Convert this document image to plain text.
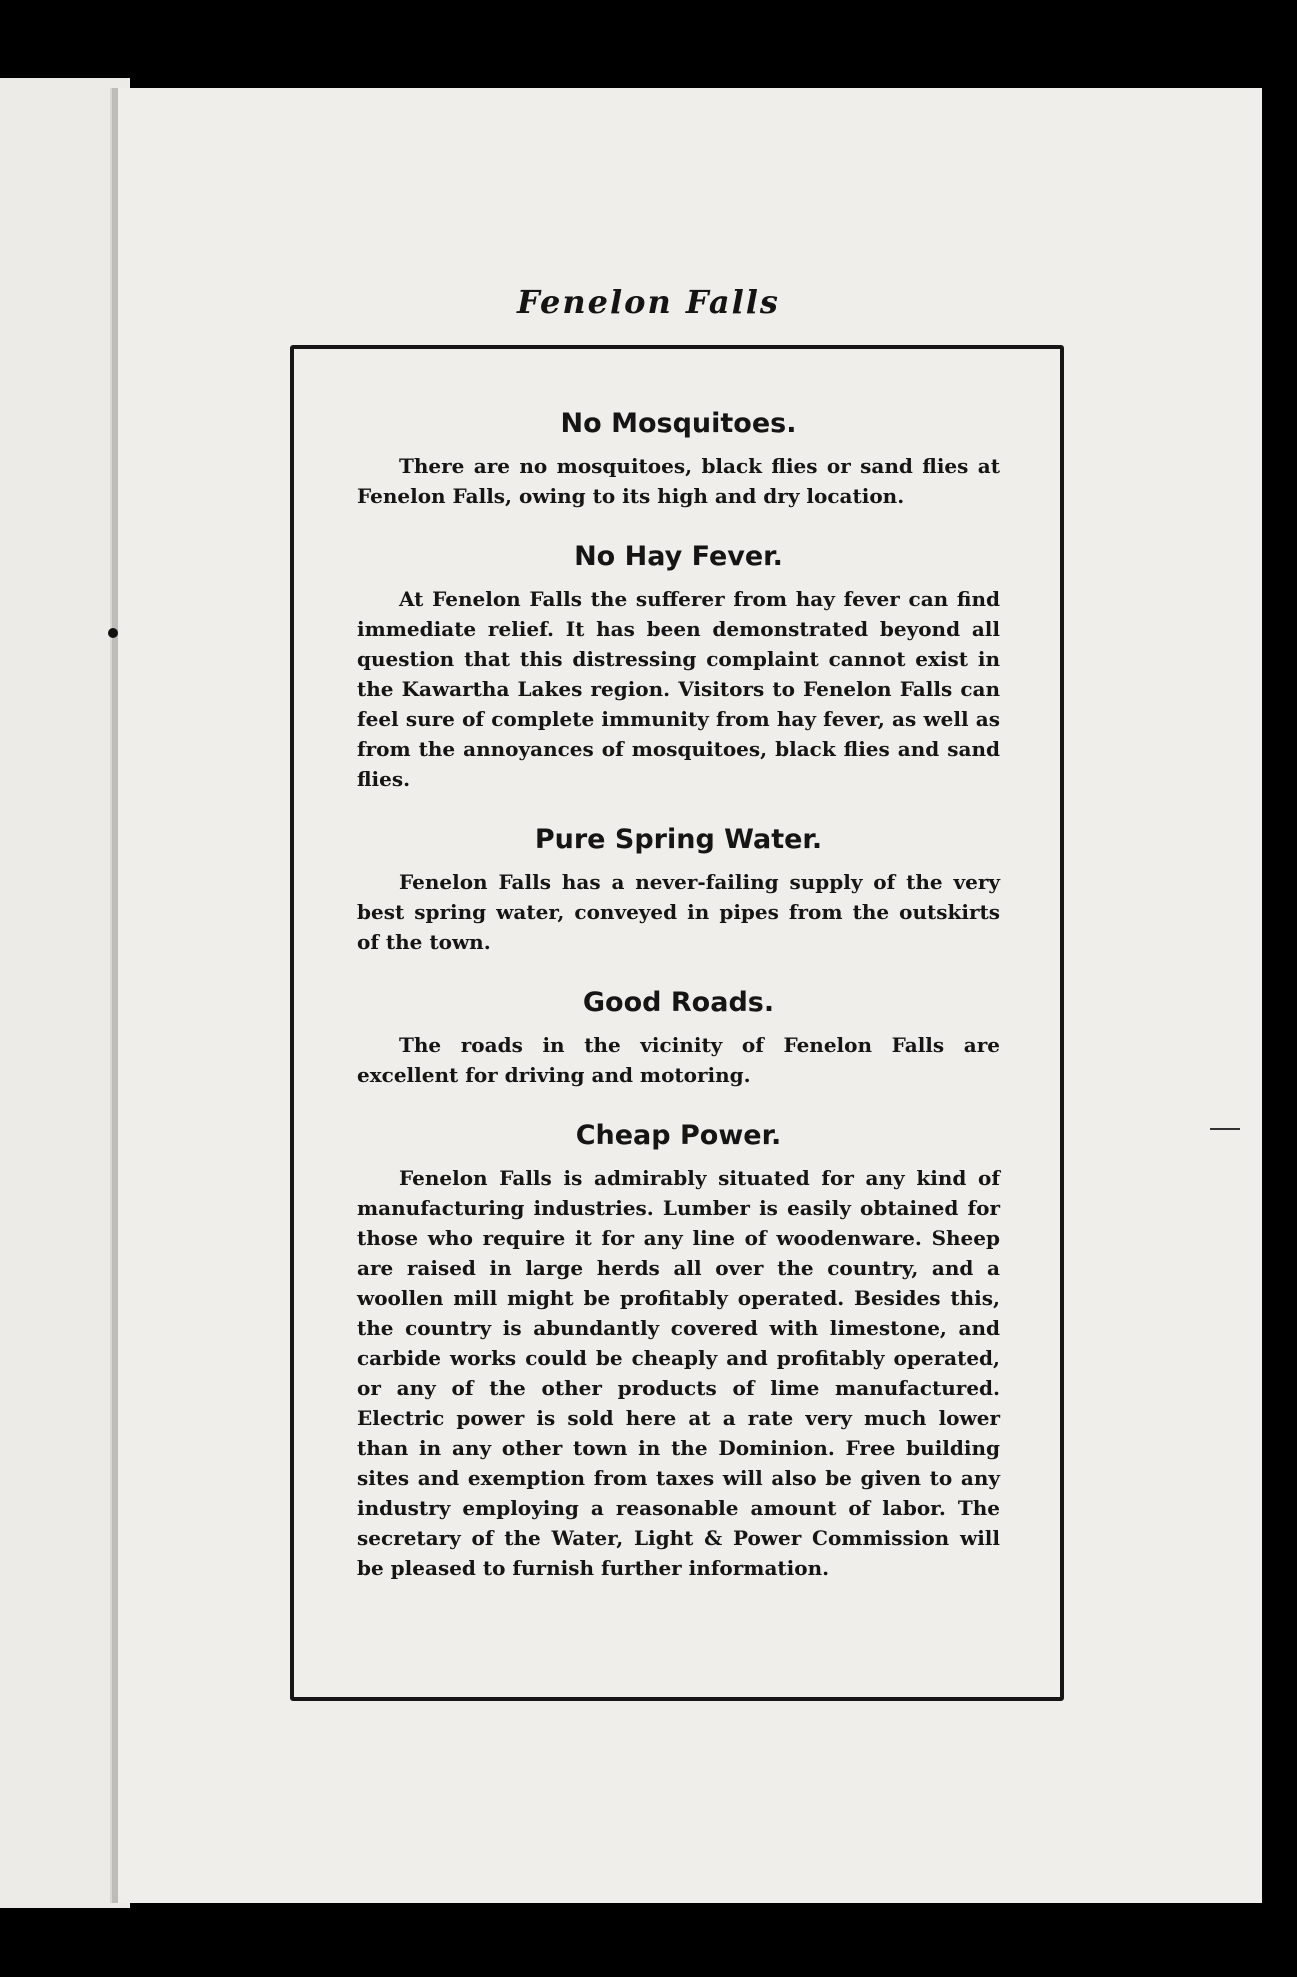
Fenelon Falls
No Mosquitoes.

There are no mosquitoes, black flies or sand flies at Fenelon Falls, owing to its high and dry location.

No Hay Fever.

At Fenelon Falls the sufferer from hay fever can find immediate relief. It has been demonstrated beyond all question that this distressing complaint cannot exist in the Kawartha Lakes region. Visitors to Fenelon Falls can feel sure of complete immunity from hay fever, as well as from the annoyances of mosquitoes, black flies and sand flies.

Pure Spring Water.

Fenelon Falls has a never-failing supply of the very best spring water, conveyed in pipes from the outskirts of the town.

Good Roads.

The roads in the vicinity of Fenelon Falls are excellent for driving and motoring.

Cheap Power.

Fenelon Falls is admirably situated for any kind of manufacturing industries. Lumber is easily obtained for those who require it for any line of woodenware. Sheep are raised in large herds all over the country, and a woollen mill might be profitably operated. Besides this, the country is abundantly covered with limestone, and carbide works could be cheaply and profitably operated, or any of the other products of lime manufactured. Electric power is sold here at a rate very much lower than in any other town in the Dominion. Free building sites and exemption from taxes will also be given to any industry employing a reasonable amount of labor. The secretary of the Water, Light & Power Commission will be pleased to furnish further information.
